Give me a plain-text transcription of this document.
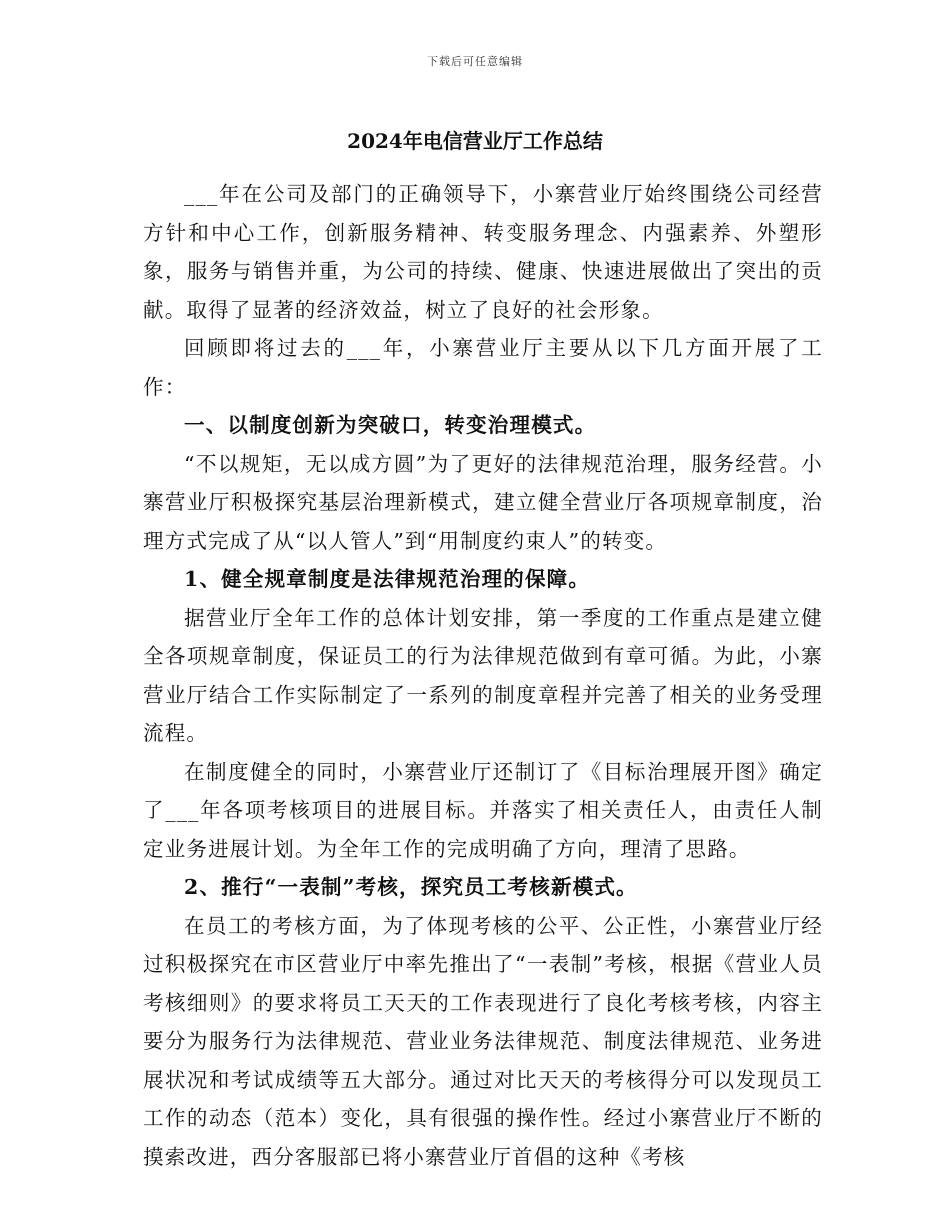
下载后可任意编辑
2024年电信营业厅工作总结

___年在公司及部门的正确领导下，小寨营业厅始终围绕公司经营方针和中心工作，创新服务精神、转变服务理念、内强素养、外塑形象，服务与销售并重，为公司的持续、健康、快速进展做出了突出的贡献。取得了显著的经济效益，树立了良好的社会形象。

回顾即将过去的___年，小寨营业厅主要从以下几方面开展了工作：

一、以制度创新为突破口，转变治理模式。

“不以规矩，无以成方圆”为了更好的法律规范治理，服务经营。小寨营业厅积极探究基层治理新模式，建立健全营业厅各项规章制度，治理方式完成了从“以人管人”到“用制度约束人”的转变。

1、健全规章制度是法律规范治理的保障。

据营业厅全年工作的总体计划安排，第一季度的工作重点是建立健全各项规章制度，保证员工的行为法律规范做到有章可循。为此，小寨营业厅结合工作实际制定了一系列的制度章程并完善了相关的业务受理流程。

在制度健全的同时，小寨营业厅还制订了《目标治理展开图》确定了___年各项考核项目的进展目标。并落实了相关责任人，由责任人制定业务进展计划。为全年工作的完成明确了方向，理清了思路。

2、推行“一表制”考核，探究员工考核新模式。

在员工的考核方面，为了体现考核的公平、公正性，小寨营业厅经过积极探究在市区营业厅中率先推出了“一表制”考核，根据《营业人员考核细则》的要求将员工天天的工作表现进行了良化考核考核，内容主要分为服务行为法律规范、营业业务法律规范、制度法律规范、业务进展状况和考试成绩等五大部分。通过对比天天的考核得分可以发现员工工作的动态（范本）变化，具有很强的操作性。经过小寨营业厅不断的摸索改进，西分客服部已将小寨营业厅首倡的这种《考核
